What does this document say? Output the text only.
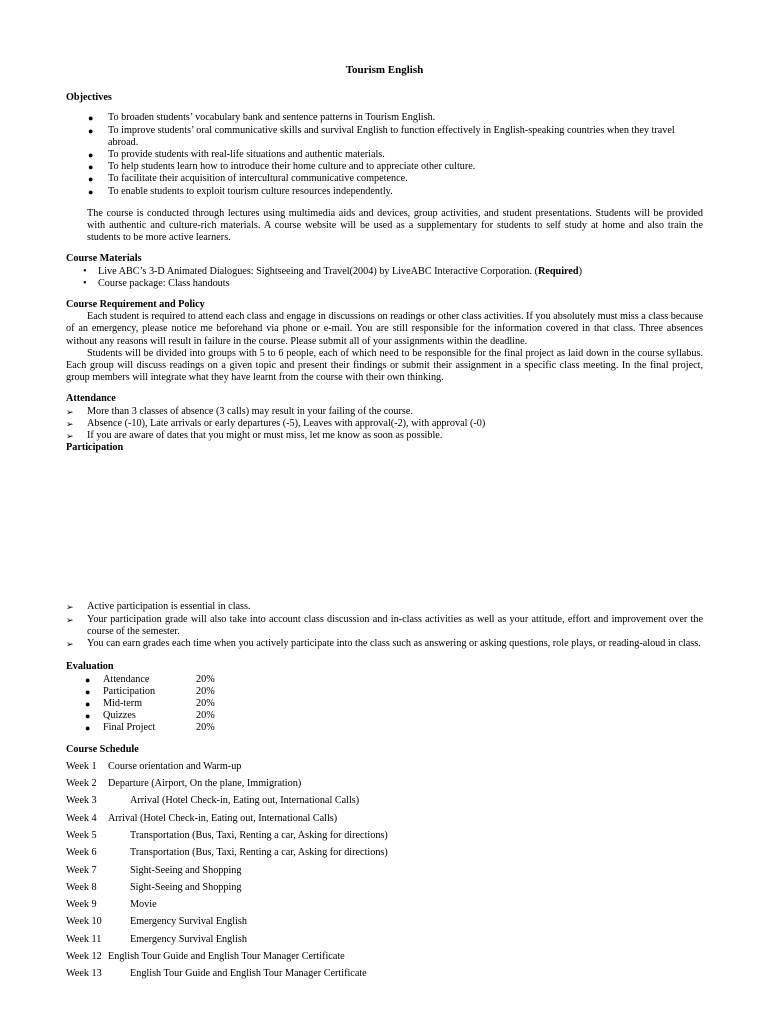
Tourism English
Objectives
● To broaden students’ vocabulary bank and sentence patterns in Tourism English.
● To improve students’ oral communicative skills and survival English to function effectively in English-speaking countries when they travel abroad.
● To provide students with real-life situations and authentic materials.
● To help students learn how to introduce their home culture and to appreciate other culture.
● To facilitate their acquisition of intercultural communicative competence.
● To enable students to exploit tourism culture resources independently.

The course is conducted through lectures using multimedia aids and devices, group activities, and student presentations. Students will be provided with authentic and culture-rich materials. A course website will be used as a supplementary for students to self study at home and also train the students to be more active learners.

Course Materials
• Live ABC’s 3-D Animated Dialogues: Sightseeing and Travel(2004) by LiveABC Interactive Corporation. (Required)
• Course package: Class handouts
Course Requirement and Policy

Each student is required to attend each class and engage in discussions on readings or other class activities. If you absolutely must miss a class because of an emergency, please notice me beforehand via phone or e-mail. You are still responsible for the information covered in that class. Three absences without any reasons will result in failure in the course. Please submit all of your assignments within the deadline.

Students will be divided into groups with 5 to 6 people, each of which need to be responsible for the final project as laid down in the course syllabus. Each group will discuss readings on a given topic and present their findings or submit their assignment in a specific class meeting. In the final project, group members will integrate what they have learnt from the course with their own thinking.

Attendance
➢ More than 3 classes of absence (3 calls) may result in your failing of the course.
➢ Absence (-10), Late arrivals or early departures (-5), Leaves with approval(-2), with approval (-0)
➢ If you are aware of dates that you might or must miss, let me know as soon as possible.
Participation
➢ Active participation is essential in class.
➢ Your participation grade will also take into account class discussion and in-class activities as well as your attitude, effort and improvement over the course of the semester.
➢ You can earn grades each time when you actively participate into the class such as answering or asking questions, role plays, or reading-aloud in class.
Evaluation
●	Attendance	20%
●	Participation	20%
●	Mid-term	20%
●	Quizzes	20%
●	Final Project	20%
Course Schedule
Week 1 Course orientation and Warm-up
Week 2 Departure (Airport, On the plane, Immigration)
Week 3	Arrival (Hotel Check-in, Eating out, International Calls)
Week 4 Arrival (Hotel Check-in, Eating out, International Calls)
Week 5	Transportation (Bus, Taxi, Renting a car, Asking for directions)
Week 6	Transportation (Bus, Taxi, Renting a car, Asking for directions)
Week 7	Sight-Seeing and Shopping
Week 8	Sight-Seeing and Shopping
Week 9	Movie
Week 10	Emergency Survival English
Week 11	Emergency Survival English
Week 12 English Tour Guide and English Tour Manager Certificate
Week 13	English Tour Guide and English Tour Manager Certificate
